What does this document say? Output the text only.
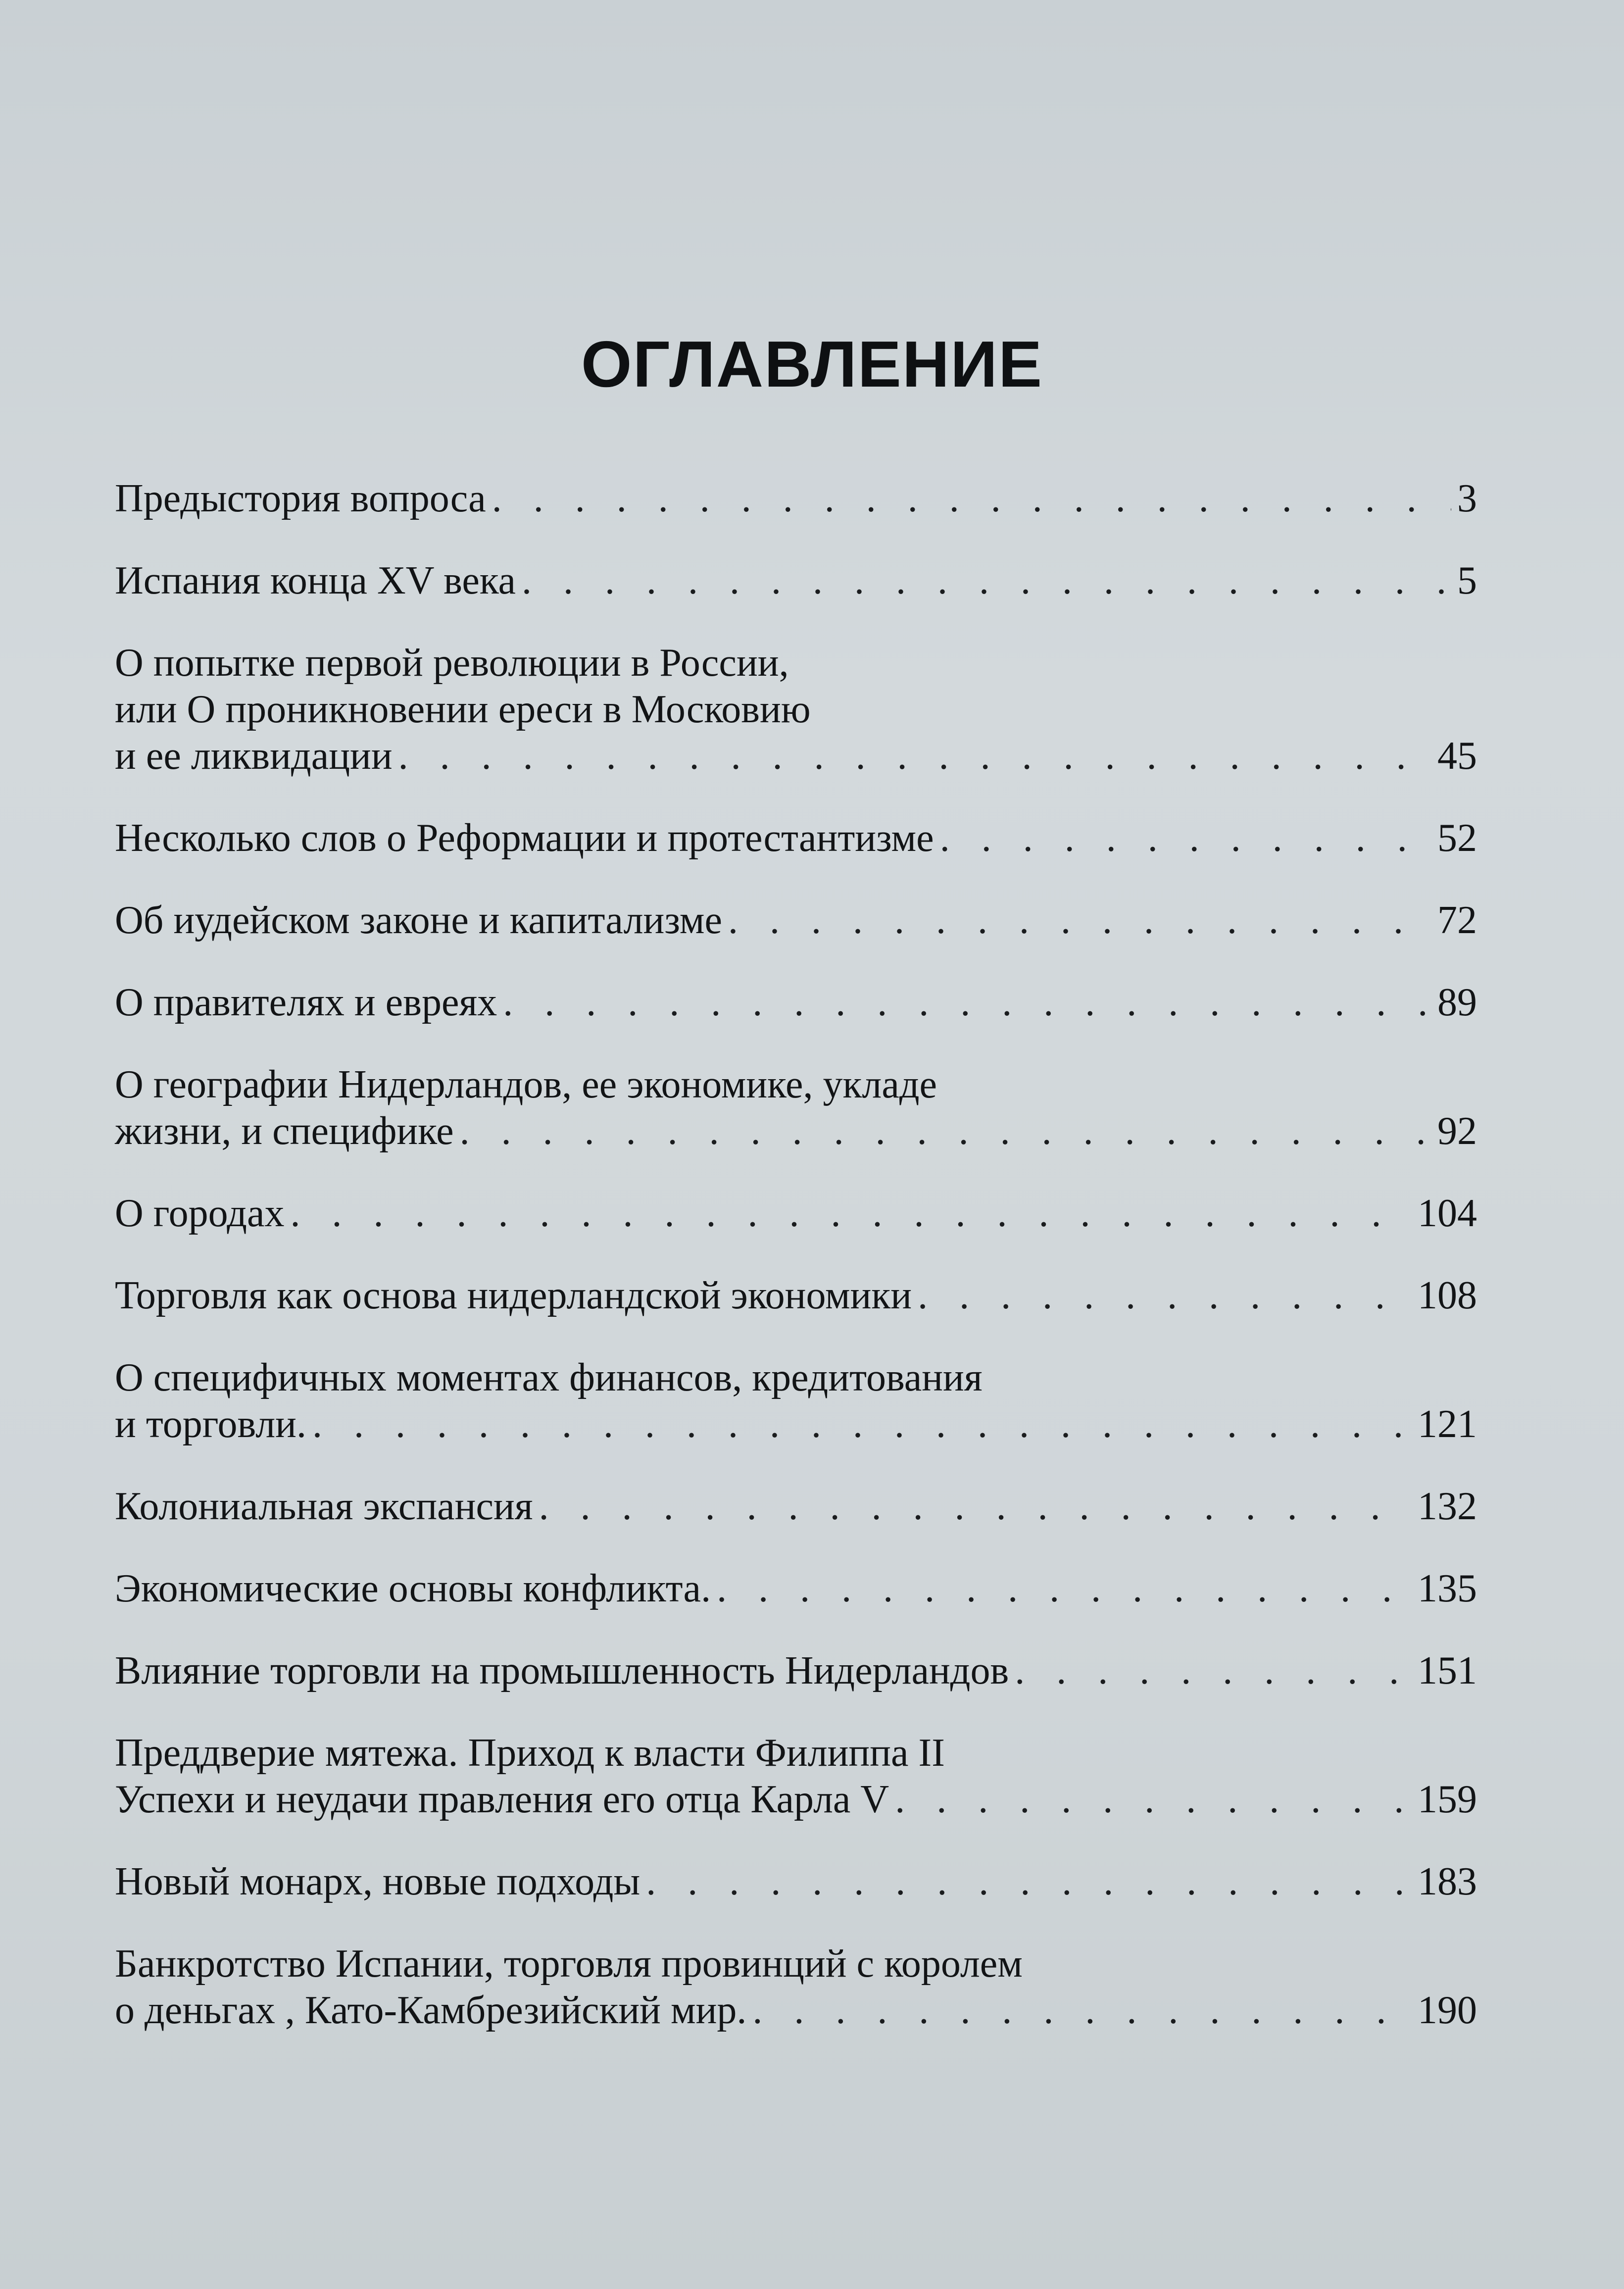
ОГЛАВЛЕНИЕ
Предыстория вопроса . . .	3
Испания конца XV века . . .	5
О попытке первой революции в России,
или О проникновении ереси в Московию
и ее ликвидации . . .	45
Несколько слов о Реформации и протестантизме . . .	52
Об иудейском законе и капитализме . . .	72
О правителях и евреях . . .	89
О географии Нидерландов, ее экономике, укладе
жизни, и специфике . . .	92
О городах . . .	104
Торговля как основа нидерландской экономики . . .	108
О специфичных моментах финансов, кредитования
и торговли. . . .	121
Колониальная экспансия . . .	132
Экономические основы конфликта. . . .	135
Влияние торговли на промышленность Нидерландов . . .	151
Преддверие мятежа. Приход к власти Филиппа II
Успехи и неудачи правления его отца Карла V . . .	159
Новый монарх, новые подходы . . .	183
Банкротство Испании, торговля провинций с королем
о деньгах , Като-Камбрезийский мир. . . .	190
